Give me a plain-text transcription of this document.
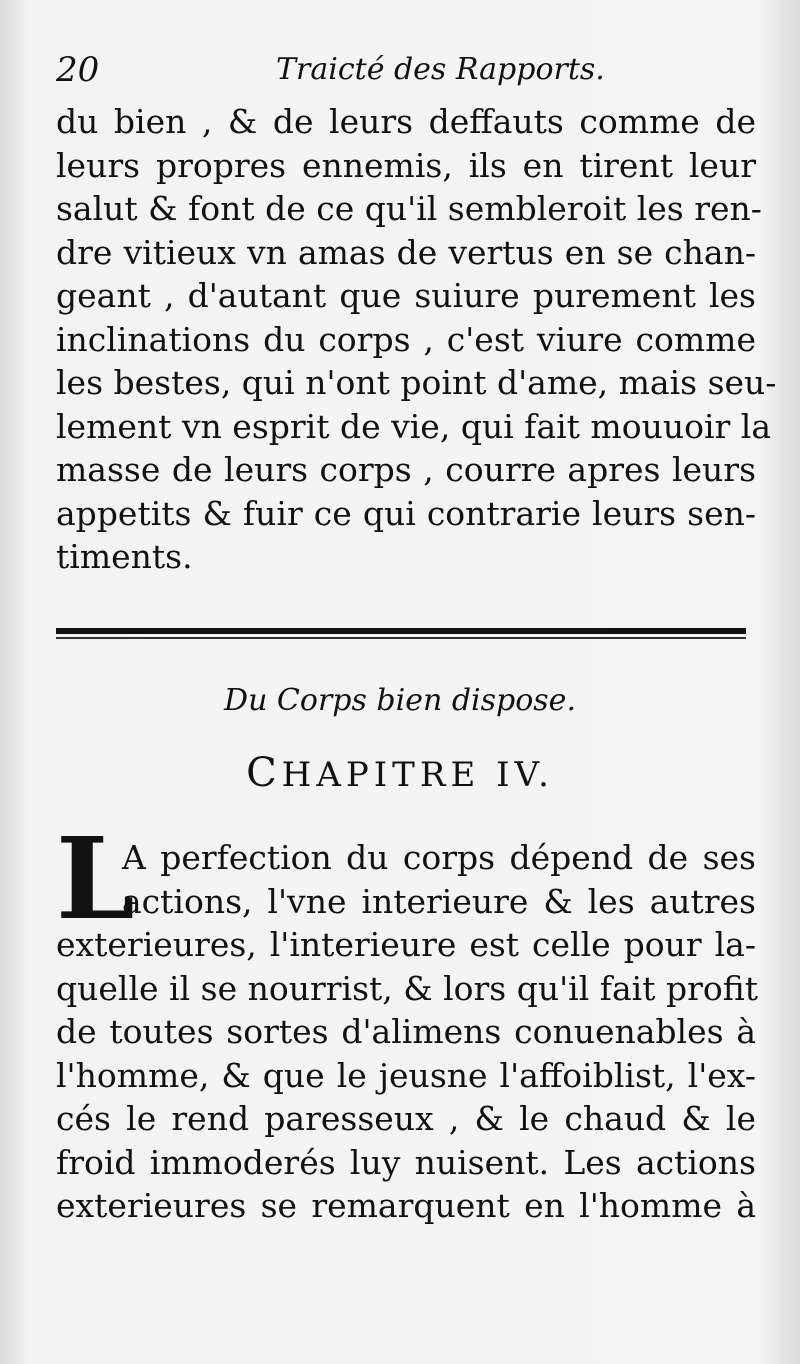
20	Traicté des Rapports.
du bien , & de leurs deffauts comme de
leurs propres ennemis, ils en tirent leur
salut & font de ce qu'il sembleroit les ren-
dre vitieux vn amas de vertus en se chan-
geant , d'autant que suiure purement les
inclinations du corps , c'est viure comme
les bestes, qui n'ont point d'ame, mais seu-
lement vn esprit de vie, qui fait mouuoir la
masse de leurs corps , courre apres leurs
appetits & fuir ce qui contrarie leurs sen-
timents.
Du Corps bien dispose.
CHAPITRE IV.
L
A perfection du corps dépend de ses
actions, l'vne interieure & les autres
exterieures, l'interieure est celle pour la-
quelle il se nourrist, & lors qu'il fait profit
de toutes sortes d'alimens conuenables à
l'homme, & que le jeusne l'affoiblist, l'ex-
cés le rend paresseux , & le chaud & le
froid immoderés luy nuisent. Les actions
exterieures se remarquent en l'homme à
